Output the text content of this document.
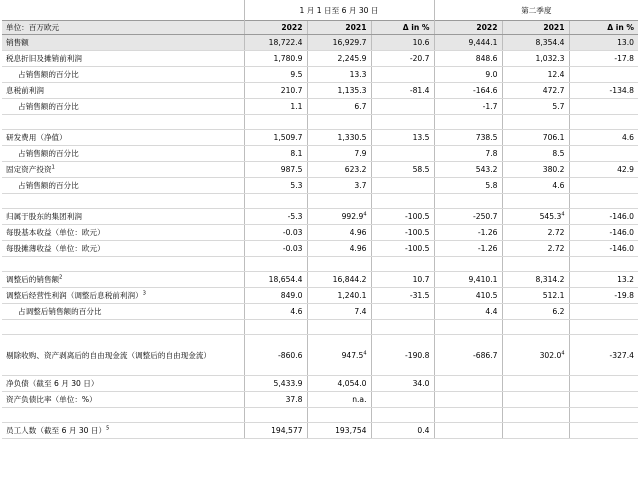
	1 月 1 日至 6 月 30 日			第二季度		
单位：百万欧元	2022	2021	Δ in %	2022	2021	Δ in %
销售额	18,722.4	16,929.7	10.6	9,444.1	8,354.4	13.0
税息折旧及摊销前利润	1,780.9	2,245.9	-20.7	848.6	1,032.3	-17.8
占销售额的百分比	9.5	13.3		9.0	12.4	
息税前利润	210.7	1,135.3	-81.4	-164.6	472.7	-134.8
占销售额的百分比	1.1	6.7		-1.7	5.7	

研发费用（净值）	1,509.7	1,330.5	13.5	738.5	706.1	4.6
占销售额的百分比	8.1	7.9		7.8	8.5	
固定资产投资$^1$	987.5	623.2	58.5	543.2	380.2	42.9
占销售额的百分比	5.3	3.7		5.8	4.6	

归属于股东的集团利润	-5.3	992.9$^4$	-100.5	-250.7	545.3$^4$	-146.0
每股基本收益（单位：欧元）	-0.03	4.96	-100.5	-1.26	2.72	-146.0
每股摊薄收益（单位：欧元）	-0.03	4.96	-100.5	-1.26	2.72	-146.0

调整后的销售额$^2$	18,654.4	16,844.2	10.7	9,410.1	8,314.2	13.2
调整后经营性利润（调整后息税前利润）$^3$	849.0	1,240.1	-31.5	410.5	512.1	-19.8
占调整后销售额的百分比	4.6	7.4		4.4	6.2	

剔除收购、资产剥离后的自由现金流（调整后的自由现金流）	-860.6	947.5$^4$	-190.8	-686.7	302.0$^4$	-327.4
净负债（截至 6 月 30 日）	5,433.9	4,054.0	34.0			
资产负债比率（单位：%）	37.8	n.a.				

员工人数（截至 6 月 30 日）$^5$	194,577	193,754	0.4			
